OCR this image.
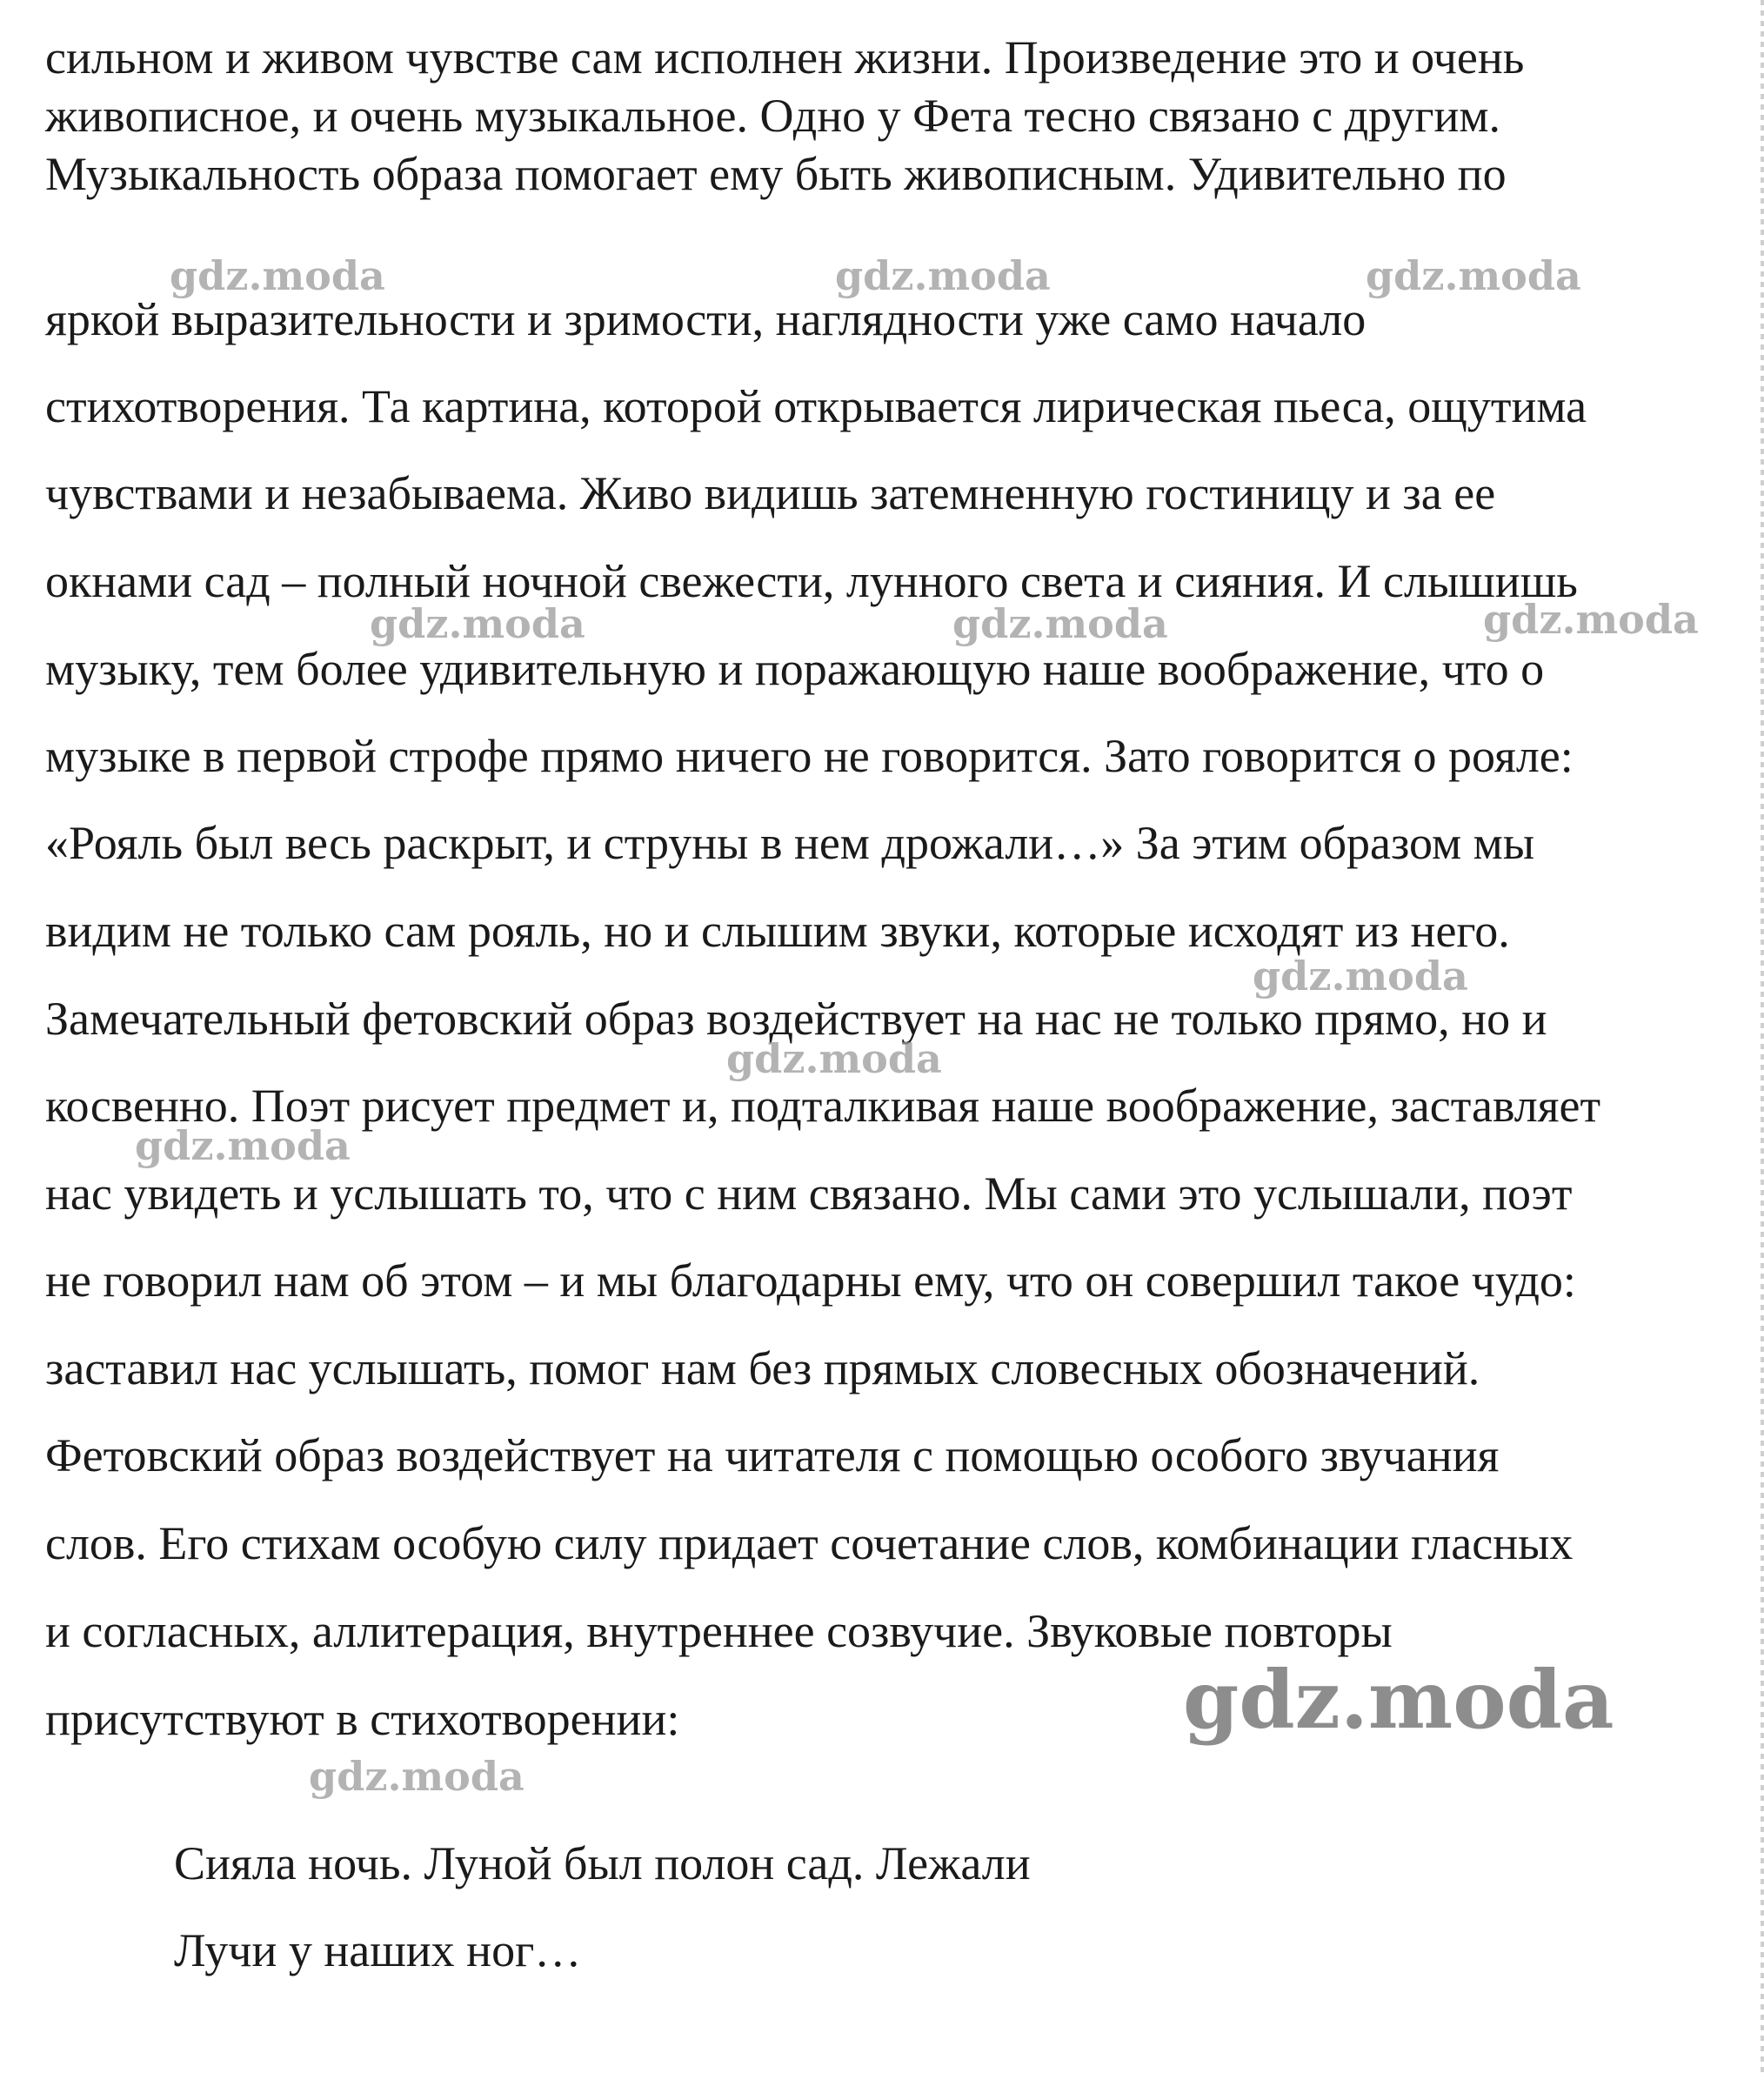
сильном и живом чувстве сам исполнен жизни. Произведение это и очень
живописное, и очень музыкальное. Одно у Фета тесно связано с другим.
Музыкальность образа помогает ему быть живописным. Удивительно по
яркой выразительности и зримости, наглядности уже само начало
стихотворения. Та картина, которой открывается лирическая пьеса, ощутима
чувствами и незабываема. Живо видишь затемненную гостиницу и за ее
окнами сад – полный ночной свежести, лунного света и сияния. И слышишь
музыку, тем более удивительную и поражающую наше воображение, что о
музыке в первой строфе прямо ничего не говорится. Зато говорится о рояле:
«Рояль был весь раскрыт, и струны в нем дрожали…» За этим образом мы
видим не только сам рояль, но и слышим звуки, которые исходят из него.
Замечательный фетовский образ воздействует на нас не только прямо, но и
косвенно. Поэт рисует предмет и, подталкивая наше воображение, заставляет
нас увидеть и услышать то, что с ним связано. Мы сами это услышали, поэт
не говорил нам об этом – и мы благодарны ему, что он совершил такое чудо:
заставил нас услышать, помог нам без прямых словесных обозначений.
Фетовский образ воздействует на читателя с помощью особого звучания
слов. Его стихам особую силу придает сочетание слов, комбинации гласных
и согласных, аллитерация, внутреннее созвучие. Звуковые повторы
присутствуют в стихотворении:
Сияла ночь. Луной был полон сад. Лежали
Лучи у наших ног…
gdz.moda	gdz.moda	gdz.moda
gdz.moda	gdz.moda	gdz.moda
gdz.moda
gdz.moda
gdz.moda
gdz.moda
gdz.moda
